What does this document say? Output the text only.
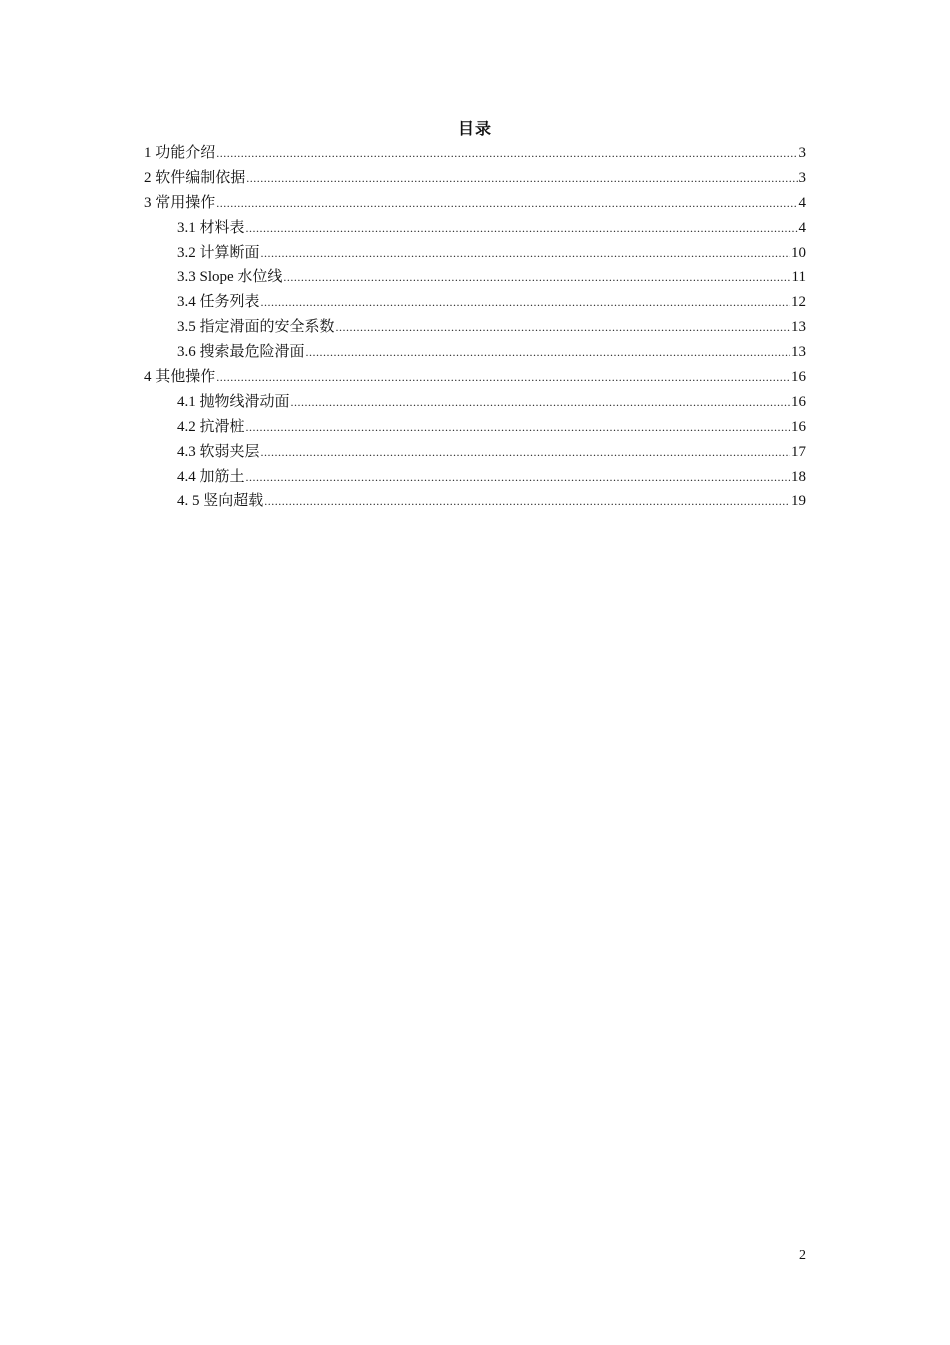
目录
1 功能介绍 .....	3
2 软件编制依据 .....	3
3 常用操作 .....	4
3.1 材料表 .....	4
3.2 计算断面 .....	10
3.3 Slope 水位线 .....	11
3.4 任务列表 .....	12
3.5 指定滑面的安全系数 .....	13
3.6 搜索最危险滑面 .....	13
4 其他操作 .....	16
4.1 抛物线滑动面 .....	16
4.2 抗滑桩 .....	16
4.3 软弱夹层 .....	17
4.4 加筋土 .....	18
4. 5 竖向超载 .....	19
2
